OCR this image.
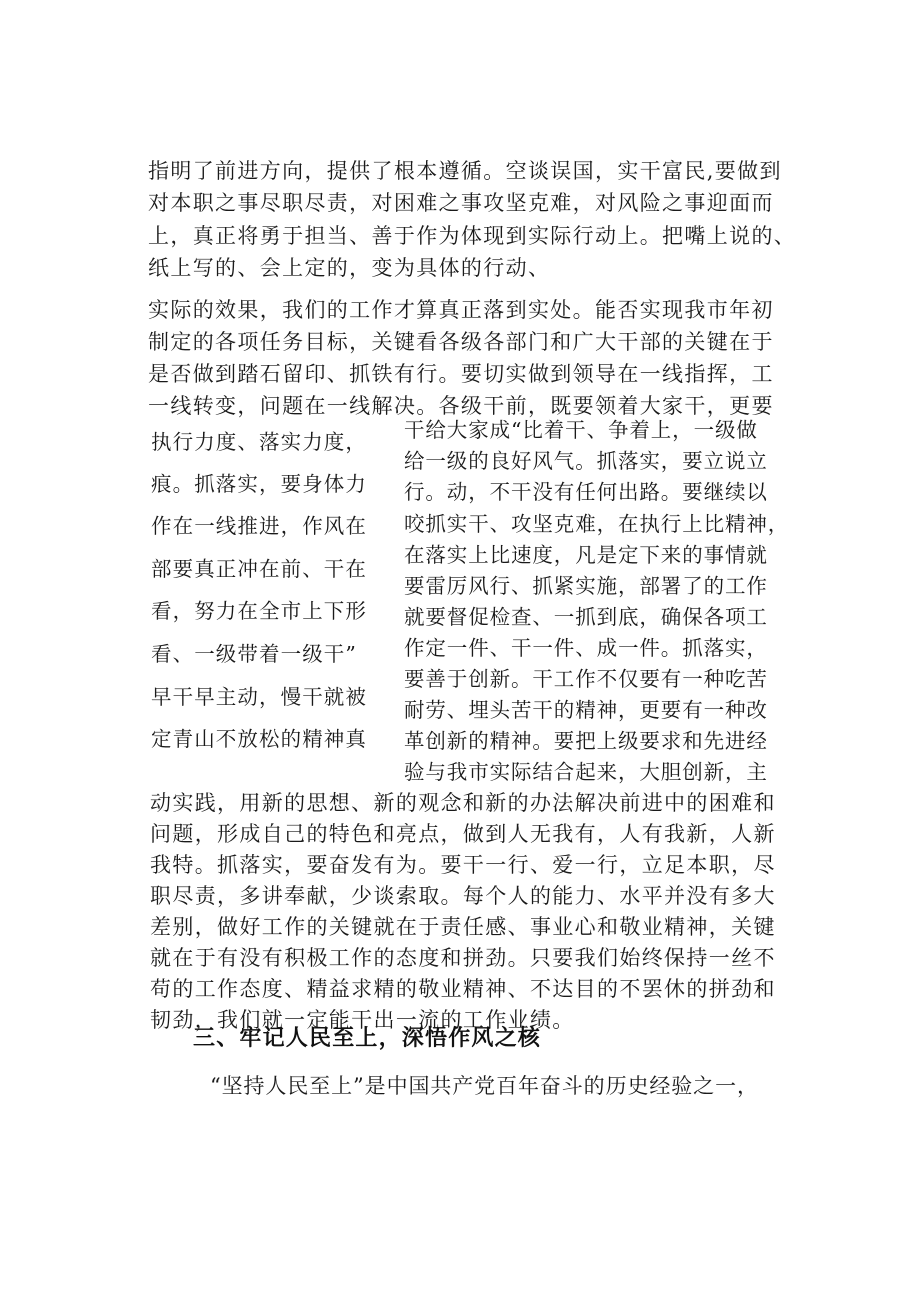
指明了前进方向，提供了根本遵循。空谈误国，实干富民,要做到
对本职之事尽职尽责，对困难之事攻坚克难，对风险之事迎面而
上，真正将勇于担当、善于作为体现到实际行动上。把嘴上说的、
纸上写的、会上定的，变为具体的行动、
实际的效果，我们的工作才算真正落到实处。能否实现我市年初
制定的各项任务目标，关键看各级各部门和广大干部的关键在于
是否做到踏石留印、抓铁有行。要切实做到领导在一线指挥，工
一线转变，问题在一线解决。各级干前，既要领着大家干，更要
执行力度、落实力度，
痕。抓落实，要身体力
作在一线推进，作风在
部要真正冲在前、干在
看，努力在全市上下形
看、一级带着一级干”
早干早主动，慢干就被
定青山不放松的精神真
干给大家成“比着干、争着上，一级做
给一级的良好风气。抓落实，要立说立
行。动，不干没有任何出路。要继续以
咬抓实干、攻坚克难，在执行上比精神，
在落实上比速度，凡是定下来的事情就
要雷厉风行、抓紧实施，部署了的工作
就要督促检查、一抓到底，确保各项工
作定一件、干一件、成一件。抓落实，
要善于创新。干工作不仅要有一种吃苦
耐劳、埋头苦干的精神，更要有一种改
革创新的精神。要把上级要求和先进经
验与我市实际结合起来，大胆创新，主
动实践，用新的思想、新的观念和新的办法解决前进中的困难和
问题，形成自己的特色和亮点，做到人无我有，人有我新，人新
我特。抓落实，要奋发有为。要干一行、爱一行，立足本职，尽
职尽责，多讲奉献，少谈索取。每个人的能力、水平并没有多大
差别，做好工作的关键就在于责任感、事业心和敬业精神，关键
就在于有没有积极工作的态度和拼劲。只要我们始终保持一丝不
苟的工作态度、精益求精的敬业精神、不达目的不罢休的拼劲和
韧劲，我们就一定能干出一流的工作业绩。
三、牢记人民至上，深悟作风之核
“坚持人民至上”是中国共产党百年奋斗的历史经验之一，
